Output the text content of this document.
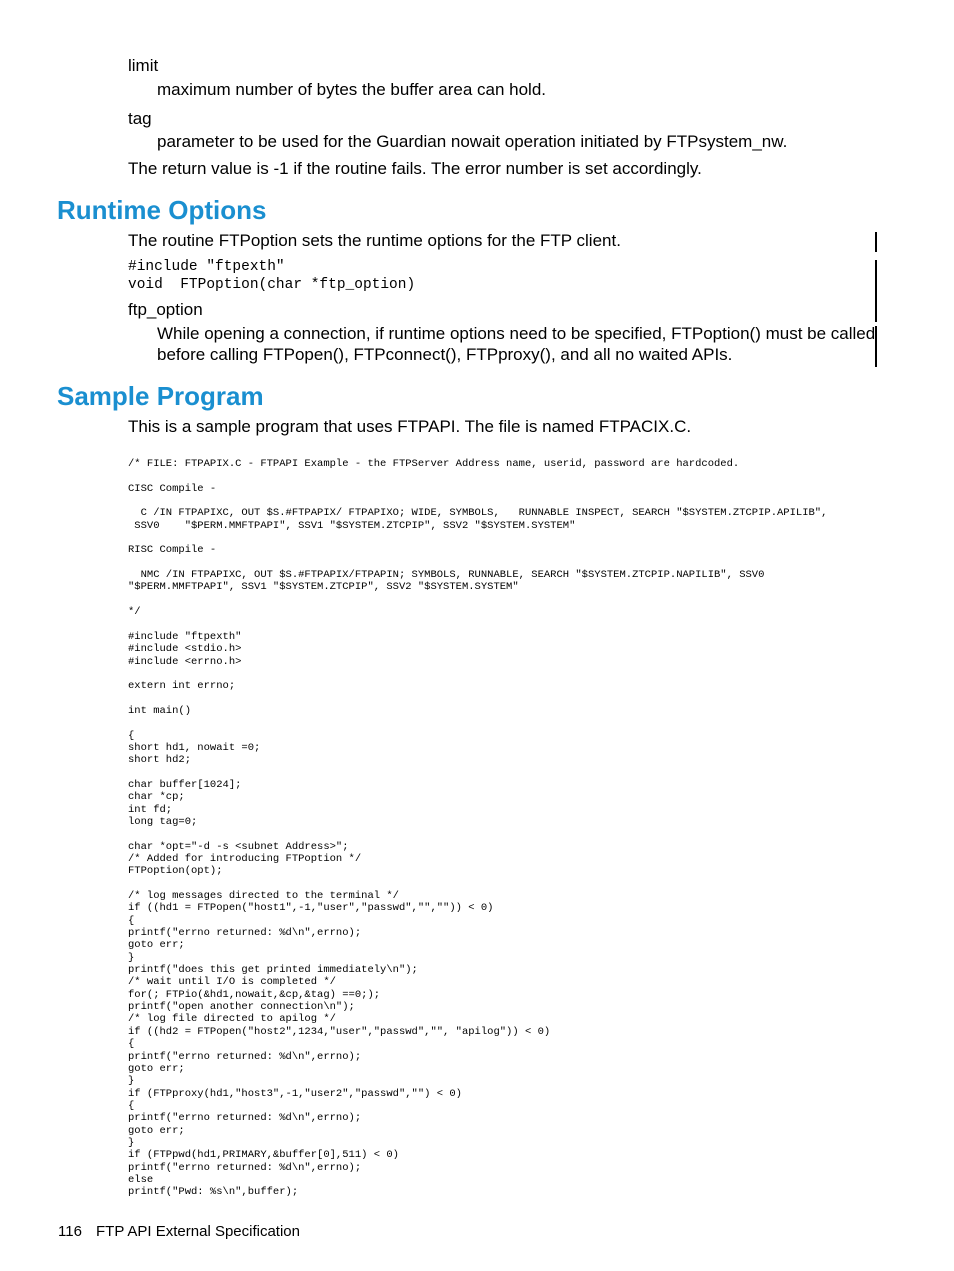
limit

maximum number of bytes the buffer area can hold.

tag

parameter to be used for the Guardian nowait operation initiated by FTPsystem_nw.

The return value is -1 if the routine fails. The error number is set accordingly.

Runtime Options

The routine FTPoption sets the runtime options for the FTP client.

#include "ftpexth"
void  FTPoption(char *ftp_option)

ftp_option

While opening a connection, if runtime options need to be specified, FTPoption() must be called

before calling FTPopen(), FTPconnect(), FTPproxy(), and all no waited APIs.

Sample Program

This is a sample program that uses FTPAPI. The file is named FTPACIX.C.

/* FILE: FTPAPIX.C - FTPAPI Example - the FTPServer Address name, userid, password are hardcoded.

CISC Compile -

C /IN FTPAPIXC, OUT $S.#FTPAPIX/ FTPAPIXO; WIDE, SYMBOLS,   RUNNABLE INSPECT, SEARCH "$SYSTEM.ZTCPIP.APILIB",
SSV0    "$PERM.MMFTPAPI", SSV1 "$SYSTEM.ZTCPIP", SSV2 "$SYSTEM.SYSTEM"

RISC Compile -

NMC /IN FTPAPIXC, OUT $S.#FTPAPIX/FTPAPIN; SYMBOLS, RUNNABLE, SEARCH "$SYSTEM.ZTCPIP.NAPILIB", SSV0
"$PERM.MMFTPAPI", SSV1 "$SYSTEM.ZTCPIP", SSV2 "$SYSTEM.SYSTEM"

*/

#include "ftpexth"
#include <stdio.h>
#include <errno.h>

extern int errno;

int main()

{
short hd1, nowait =0;
short hd2;

char buffer[1024];
char *cp;
int fd;
long tag=0;

char *opt="-d -s <subnet Address>";
/* Added for introducing FTPoption */
FTPoption(opt);

/* log messages directed to the terminal */
if ((hd1 = FTPopen("host1",-1,"user","passwd","","")) < 0)
{
printf("errno returned: %d\n",errno);
goto err;
}
printf("does this get printed immediately\n");
/* wait until I/O is completed */
for(; FTPio(&hd1,nowait,&cp,&tag) ==0;);
printf("open another connection\n");
/* log file directed to apilog */
if ((hd2 = FTPopen("host2",1234,"user","passwd","", "apilog")) < 0)
{
printf("errno returned: %d\n",errno);
goto err;
}
if (FTPproxy(hd1,"host3",-1,"user2","passwd","") < 0)
{
printf("errno returned: %d\n",errno);
goto err;
}
if (FTPpwd(hd1,PRIMARY,&buffer[0],511) < 0)
printf("errno returned: %d\n",errno);
else
printf("Pwd: %s\n",buffer);

116 FTP API External Specification
